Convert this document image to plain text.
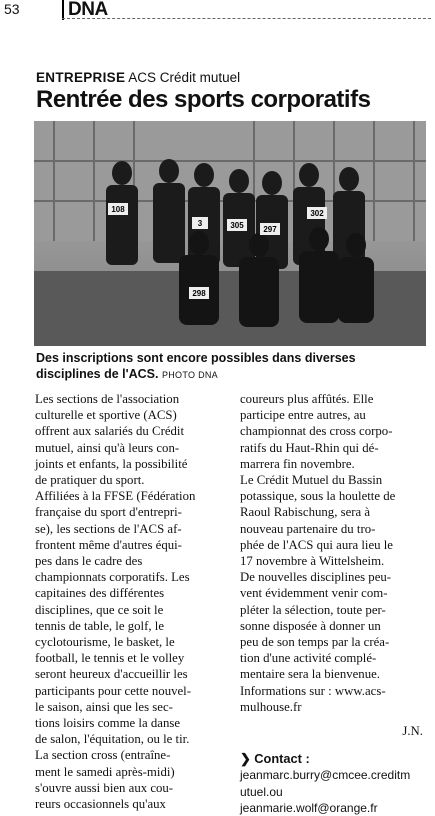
53	DNA
ENTREPRISE ACS Crédit mutuel
Rentrée des sports corporatifs
108
3	305 297
302
298
Des inscriptions sont encore possibles dans diverses disciplines de l'ACS. PHOTO DNA

Les sections de l'association
culturelle et sportive (ACS)
offrent aux salariés du Crédit
mutuel, ainsi qu'à leurs con-
joints et enfants, la possibilité
de pratiquer du sport.
Affiliées à la FFSE (Fédération
française du sport d'entrepri-
se), les sections de l'ACS af-
frontent même d'autres équi-
pes dans le cadre des
championnats corporatifs. Les
capitaines des différentes
disciplines, que ce soit le
tennis de table, le golf, le
cyclotourisme, le basket, le
football, le tennis et le volley
seront heureux d'accueillir les
participants pour cette nouvel-
le saison, ainsi que les sec-
tions loisirs comme la danse
de salon, l'équitation, ou le tir.
La section cross (entraîne-
ment le samedi après-midi)
s'ouvre aussi bien aux cou-
reurs occasionnels qu'aux

coureurs plus affûtés. Elle
participe entre autres, au
championnat des cross corpo-
ratifs du Haut-Rhin qui dé-
marrera fin novembre.
Le Crédit Mutuel du Bassin
potassique, sous la houlette de
Raoul Rabischung, sera à
nouveau partenaire du tro-
phée de l'ACS qui aura lieu le
17 novembre à Wittelsheim.
De nouvelles disciplines peu-
vent évidemment venir com-
pléter la sélection, toute per-
sonne disposée à donner un
peu de son temps par la créa-
tion d'une activité complé-
mentaire sera la bienvenue.
Informations sur : www.acs-
mulhouse.fr

J.N.

❯ Contact :

jeanmarc.burry@cmcee.creditm

utuel.ou

jeanmarie.wolf@orange.fr
